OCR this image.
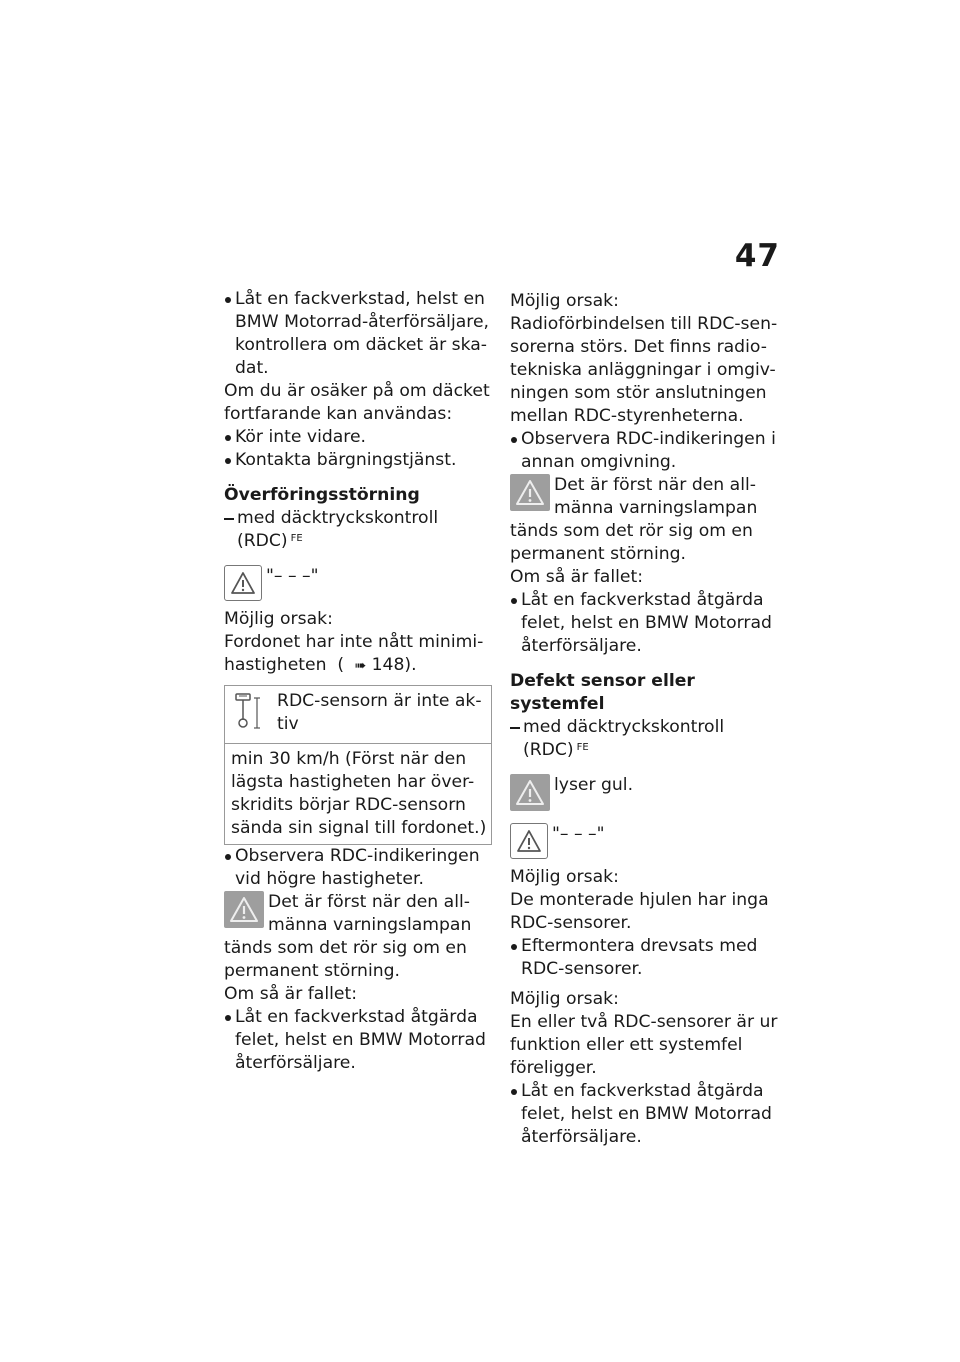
47

Låt en fackverkstad, helst en BMW Motorrad-återförsäljare, kontrollera om däcket är ska-dat.

Om du är osäker på om däcket fortfarande kan användas:

Kör inte vidare.

Kontakta bärgningstjänst.

Överföringsstörning

med däcktryckskontroll (RDC) $^{FE}$

"– – –"

Möjlig orsak:

Fordonet har inte nått minimi-hastigheten  (⠀➠ 148).

RDC-sensorn är inte ak-tiv

min 30 km/h (Först när den lägsta hastigheten har över-skridits börjar RDC-sensorn sända sin signal till fordonet.)

Observera RDC-indikeringen vid högre hastigheter.

Det är först när den all-männa varningslampan

tänds som det rör sig om en permanent störning.

Om så är fallet:

Låt en fackverkstad åtgärda felet, helst en BMW Motorrad återförsäljare.

Möjlig orsak:

Radioförbindelsen till RDC-sen-sorerna störs. Det finns radio-tekniska anläggningar i omgiv-ningen som stör anslutningen mellan RDC-styrenheterna.

Observera RDC-indikeringen i annan omgivning.

Det är först när den all-männa varningslampan

tänds som det rör sig om en permanent störning.

Om så är fallet:

Låt en fackverkstad åtgärda felet, helst en BMW Motorrad återförsäljare.

Defekt sensor eller systemfel

med däcktryckskontroll (RDC) $^{FE}$

lyser gul.

"– – –"

Möjlig orsak:

De monterade hjulen har inga RDC-sensorer.

Eftermontera drevsats med RDC-sensorer.

Möjlig orsak:

En eller två RDC-sensorer är ur funktion eller ett systemfel föreligger.

Låt en fackverkstad åtgärda felet, helst en BMW Motorrad återförsäljare.
